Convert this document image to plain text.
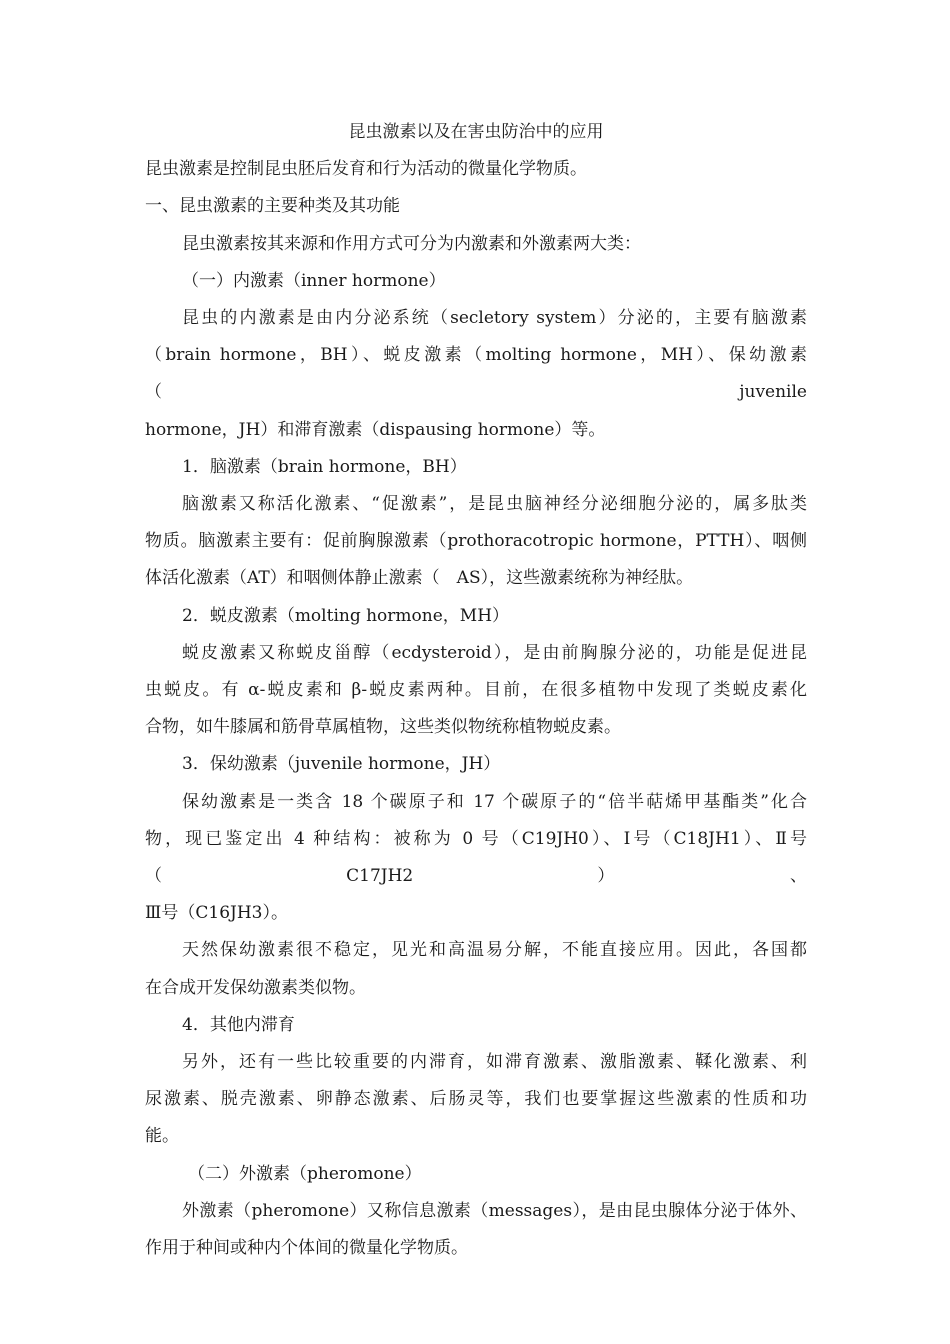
昆虫激素以及在害虫防治中的应用

昆虫激素是控制昆虫胚后发育和行为活动的微量化学物质。

一、昆虫激素的主要种类及其功能

昆虫激素按其来源和作用方式可分为内激素和外激素两大类：

（一）内激素（inner hormone）

昆虫的内激素是由内分泌系统（secletory system）分泌的，主要有脑激素

（brain hormone，BH）、蜕皮激素（molting hormone，MH）、保幼激素（juvenile

hormone，JH）和滞育激素（dispausing hormone）等。

1．脑激素（brain hormone，BH）

脑激素又称活化激素、“促激素”，是昆虫脑神经分泌细胞分泌的，属多肽类

物质。脑激素主要有：促前胸腺激素（prothoracotropic hormone，PTTH）、咽侧

体活化激素（AT）和咽侧体静止激素（　AS），这些激素统称为神经肽。

2．蜕皮激素（molting hormone，MH）

蜕皮激素又称蜕皮甾醇（ecdysteroid），是由前胸腺分泌的，功能是促进昆

虫蜕皮。有 α-蜕皮素和 β-蜕皮素两种。目前，在很多植物中发现了类蜕皮素化

合物，如牛膝属和筋骨草属植物，这些类似物统称植物蜕皮素。

3．保幼激素（juvenile hormone，JH）

保幼激素是一类含 18 个碳原子和 17 个碳原子的“倍半萜烯甲基酯类”化合

物，现已鉴定出 4 种结构：被称为 0 号（C19JH0）、Ⅰ号（C18JH1）、Ⅱ号（C17JH2）、

Ⅲ号（C16JH3）。

天然保幼激素很不稳定，见光和高温易分解，不能直接应用。因此，各国都

在合成开发保幼激素类似物。

4．其他内滞育

另外，还有一些比较重要的内滞育，如滞育激素、激脂激素、鞣化激素、利

尿激素、脱壳激素、卵静态激素、后肠灵等，我们也要掌握这些激素的性质和功

能。

（二）外激素（pheromone）

外激素（pheromone）又称信息激素（messages），是由昆虫腺体分泌于体外、

作用于种间或种内个体间的微量化学物质。
